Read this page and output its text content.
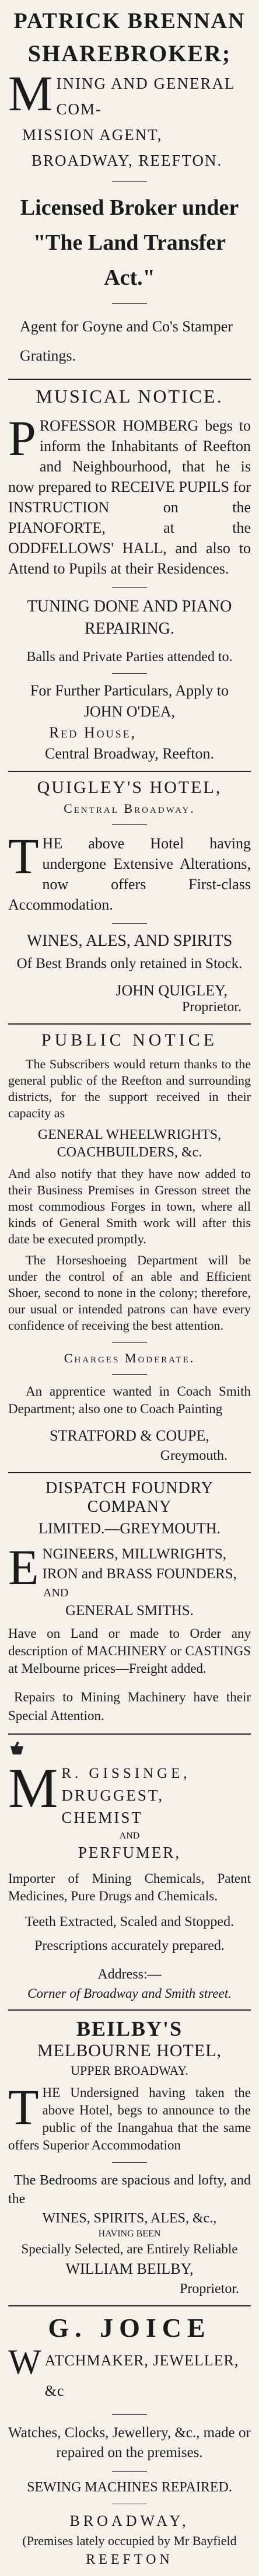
PATRICK BRENNAN

SHAREBROKER;

M INING AND GENERAL COM-

MISSION AGENT,

BROADWAY, REEFTON.

Licensed Broker under "The Land Transfer Act."

Agent for Goyne and Co's Stamper Gratings.

MUSICAL NOTICE.

P ROFESSOR HOMBERG begs to inform the Inhabitants of Reefton and Neighbourhood, that he is now prepared to RECEIVE PUPILS for INSTRUCTION on the PIANOFORTE, at the ODDFELLOWS' HALL, and also to Attend to Pupils at their Residences.

TUNING DONE AND PIANO REPAIRING.

Balls and Private Parties attended to.

For Further Particulars, Apply to

JOHN O'DEA,

Red House,

Central Broadway, Reefton.

QUIGLEY'S HOTEL,

Central Broadway.

T HE above Hotel having undergone Extensive Alterations, now offers First-class Accommodation.

WINES, ALES, AND SPIRITS

Of Best Brands only retained in Stock.

JOHN QUIGLEY,

Proprietor.

PUBLIC NOTICE

The Subscribers would return thanks to the general public of the Reefton and surrounding districts, for the support received in their capacity as

GENERAL WHEELWRIGHTS, COACHBUILDERS, &c.

And also notify that they have now added to their Business Premises in Gresson street the most commodious Forges in town, where all kinds of General Smith work will after this date be executed promptly.

The Horseshoeing Department will be under the control of an able and Efficient Shoer, second to none in the colony; therefore, our usual or intended patrons can have every confidence of receiving the best attention.

Charges Moderate.

An apprentice wanted in Coach Smith Department; also one to Coach Painting

STRATFORD & COUPE,

Greymouth.

DISPATCH FOUNDRY COMPANY

LIMITED.—GREYMOUTH.

E NGINEERS, MILLWRIGHTS,

IRON and BRASS FOUNDERS,

AND

GENERAL SMITHS.

Have on Land or made to Order any description of MACHINERY or CASTINGS at Melbourne prices—Freight added.

Repairs to Mining Machinery have their Special Attention.

M R. GISSINGE,

DRUGGEST, CHEMIST

AND

PERFUMER,

Importer of Mining Chemicals, Patent Medicines, Pure Drugs and Chemicals.

Teeth Extracted, Scaled and Stopped.

Prescriptions accurately prepared.

Address:—

Corner of Broadway and Smith street.

BEILBY'S

MELBOURNE HOTEL,

UPPER BROADWAY.

T HE Undersigned having taken the above Hotel, begs to announce to the public of the Inangahua that the same offers Superior Accommodation

The Bedrooms are spacious and lofty, and the

WINES, SPIRITS, ALES, &c.,

HAVING BEEN

Specially Selected, are Entirely Reliable

WILLIAM BEILBY,

Proprietor.

G. JOICE

W ATCHMAKER, JEWELLER, &c

Watches, Clocks, Jewellery, &c., made or repaired on the premises.

SEWING MACHINES REPAIRED.

BROADWAY,

(Premises lately occupied by Mr Bayfield

REEFTON
